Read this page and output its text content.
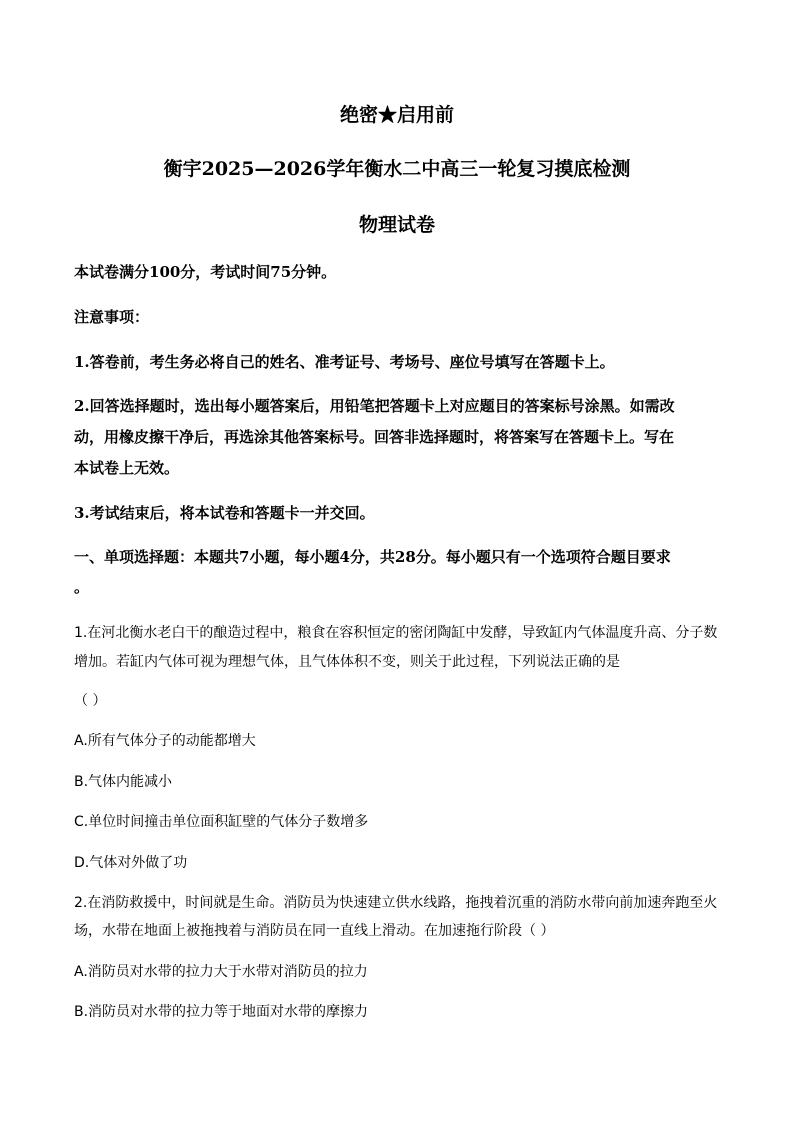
绝密★启用前
衡宇2025—2026学年衡水二中高三一轮复习摸底检测
物理试卷
本试卷满分100分，考试时间75分钟。
注意事项：
1.答卷前，考生务必将自己的姓名、准考证号、考场号、座位号填写在答题卡上。
2.回答选择题时，选出每小题答案后，用铅笔把答题卡上对应题目的答案标号涂黑。如需改
动，用橡皮擦干净后，再选涂其他答案标号。回答非选择题时，将答案写在答题卡上。写在
本试卷上无效。
3.考试结束后，将本试卷和答题卡一并交回。
一、单项选择题：本题共7小题，每小题4分，共28分。每小题只有一个选项符合题目要求
。
1.在河北衡水老白干的酿造过程中，粮食在容积恒定的密闭陶缸中发酵，导致缸内气体温度升高、分子数
增加。若缸内气体可视为理想气体，且气体体积不变，则关于此过程，下列说法正确的是
（ ）
A.所有气体分子的动能都增大
B.气体内能减小
C.单位时间撞击单位面积缸壁的气体分子数增多
D.气体对外做了功
2.在消防救援中，时间就是生命。消防员为快速建立供水线路，拖拽着沉重的消防水带向前加速奔跑至火
场，水带在地面上被拖拽着与消防员在同一直线上滑动。在加速拖行阶段（ ）
A.消防员对水带的拉力大于水带对消防员的拉力
B.消防员对水带的拉力等于地面对水带的摩擦力
